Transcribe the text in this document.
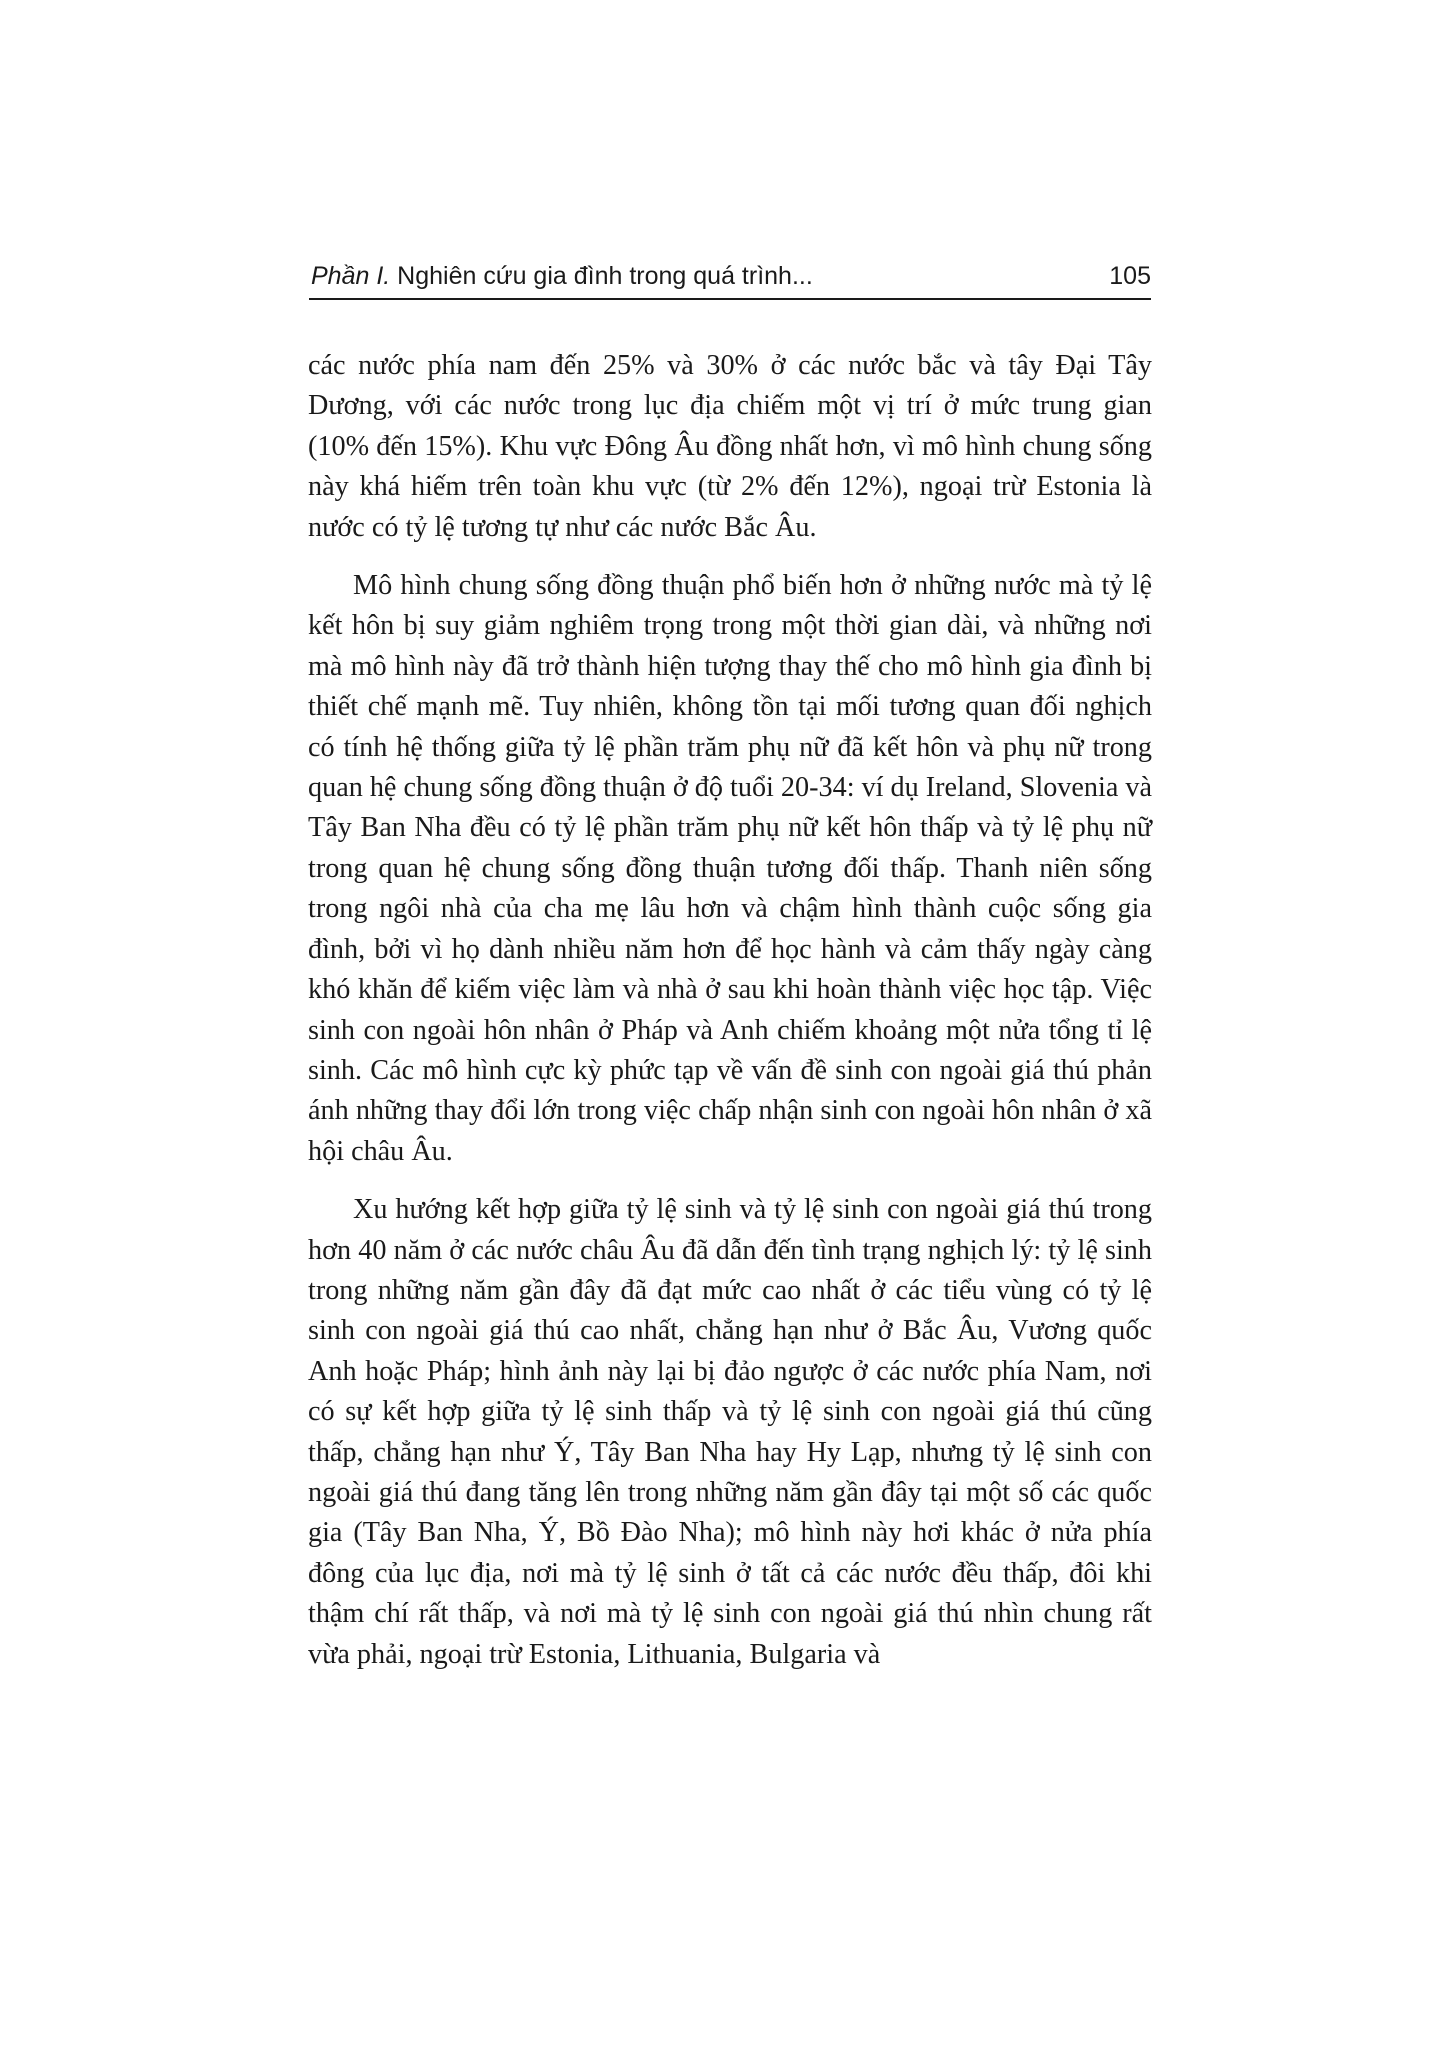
Phần I. Nghiên cứu gia đình trong quá trình...	105

các nước phía nam đến 25% và 30% ở các nước bắc và tây Đại Tây Dương, với các nước trong lục địa chiếm một vị trí ở mức trung gian (10% đến 15%). Khu vực Đông Âu đồng nhất hơn, vì mô hình chung sống này khá hiếm trên toàn khu vực (từ 2% đến 12%), ngoại trừ Estonia là nước có tỷ lệ tương tự như các nước Bắc Âu.

Mô hình chung sống đồng thuận phổ biến hơn ở những nước mà tỷ lệ kết hôn bị suy giảm nghiêm trọng trong một thời gian dài, và những nơi mà mô hình này đã trở thành hiện tượng thay thế cho mô hình gia đình bị thiết chế mạnh mẽ. Tuy nhiên, không tồn tại mối tương quan đối nghịch có tính hệ thống giữa tỷ lệ phần trăm phụ nữ đã kết hôn và phụ nữ trong quan hệ chung sống đồng thuận ở độ tuổi 20-34: ví dụ Ireland, Slovenia và Tây Ban Nha đều có tỷ lệ phần trăm phụ nữ kết hôn thấp và tỷ lệ phụ nữ trong quan hệ chung sống đồng thuận tương đối thấp. Thanh niên sống trong ngôi nhà của cha mẹ lâu hơn và chậm hình thành cuộc sống gia đình, bởi vì họ dành nhiều năm hơn để học hành và cảm thấy ngày càng khó khăn để kiếm việc làm và nhà ở sau khi hoàn thành việc học tập. Việc sinh con ngoài hôn nhân ở Pháp và Anh chiếm khoảng một nửa tổng tỉ lệ sinh. Các mô hình cực kỳ phức tạp về vấn đề sinh con ngoài giá thú phản ánh những thay đổi lớn trong việc chấp nhận sinh con ngoài hôn nhân ở xã hội châu Âu.

Xu hướng kết hợp giữa tỷ lệ sinh và tỷ lệ sinh con ngoài giá thú trong hơn 40 năm ở các nước châu Âu đã dẫn đến tình trạng nghịch lý: tỷ lệ sinh trong những năm gần đây đã đạt mức cao nhất ở các tiểu vùng có tỷ lệ sinh con ngoài giá thú cao nhất, chẳng hạn như ở Bắc Âu, Vương quốc Anh hoặc Pháp; hình ảnh này lại bị đảo ngược ở các nước phía Nam, nơi có sự kết hợp giữa tỷ lệ sinh thấp và tỷ lệ sinh con ngoài giá thú cũng thấp, chẳng hạn như Ý, Tây Ban Nha hay Hy Lạp, nhưng tỷ lệ sinh con ngoài giá thú đang tăng lên trong những năm gần đây tại một số các quốc gia (Tây Ban Nha, Ý, Bồ Đào Nha); mô hình này hơi khác ở nửa phía đông của lục địa, nơi mà tỷ lệ sinh ở tất cả các nước đều thấp, đôi khi thậm chí rất thấp, và nơi mà tỷ lệ sinh con ngoài giá thú nhìn chung rất vừa phải, ngoại trừ Estonia, Lithuania, Bulgaria và
